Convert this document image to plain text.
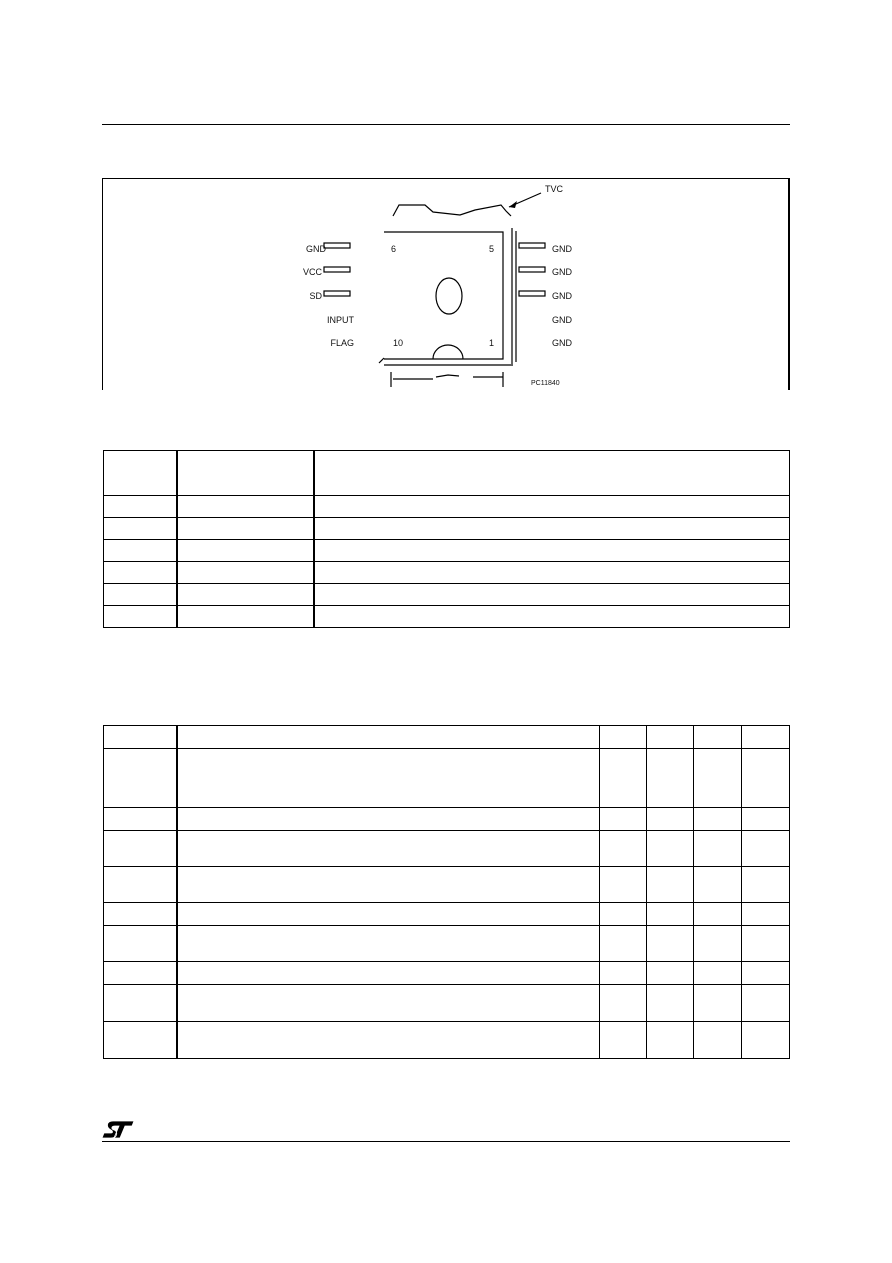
TVC
GND
VCC
SD
INPUT
FLAG
GND
GND
GND
GND
GND
6	5
10	1
PC11840
